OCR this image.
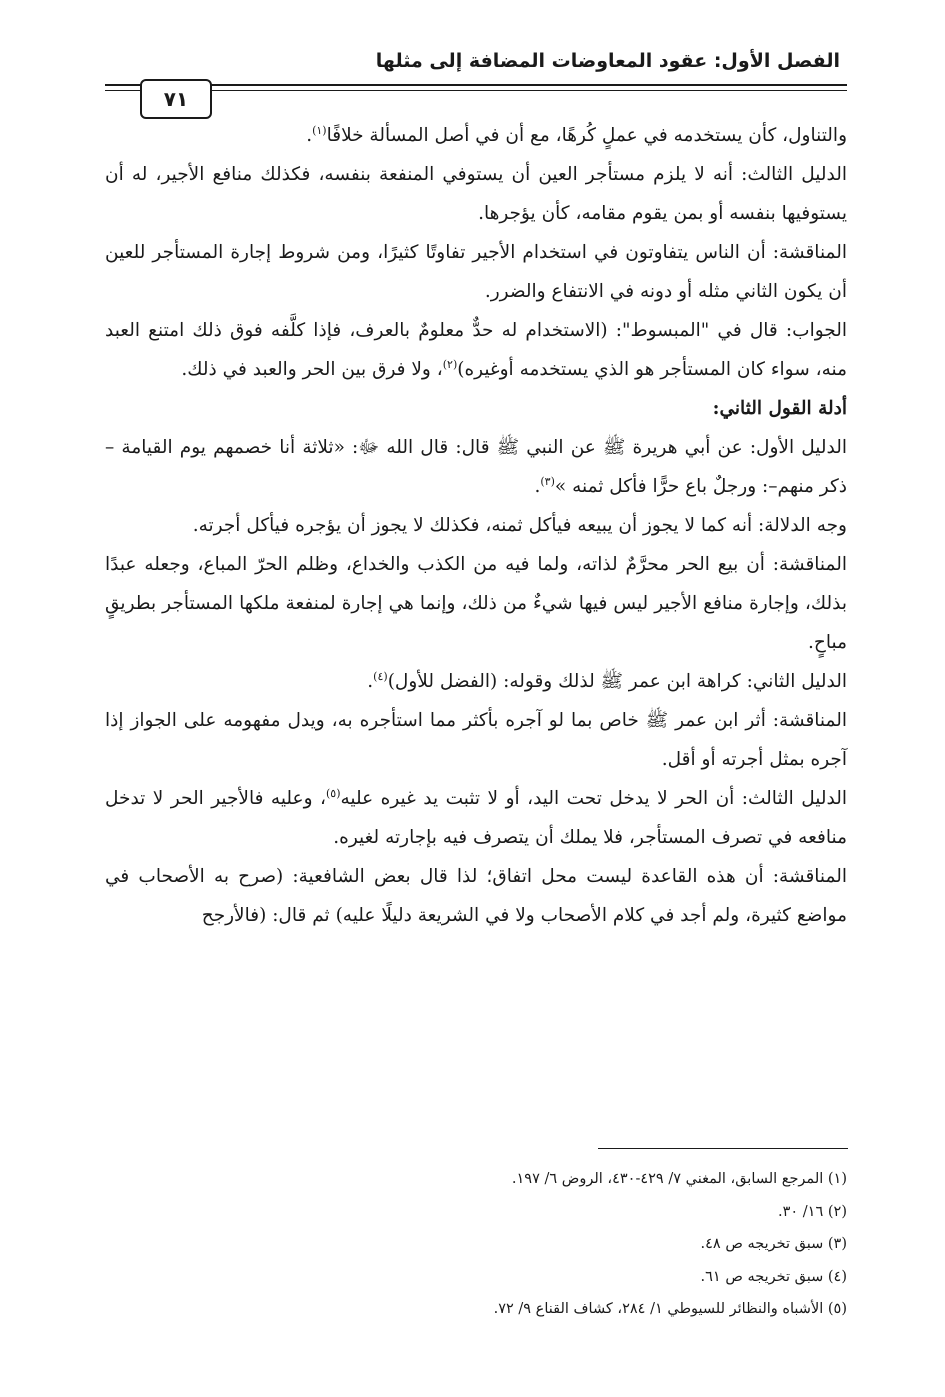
الفصل الأول: عقود المعاوضات المضافة إلى مثلها
٧١

والتناول، كأن يستخدمه في عملٍ كُرهًا، مع أن في أصل المسألة خلافًا$^{(١)}$.

الدليل الثالث: أنه لا يلزم مستأجر العين أن يستوفي المنفعة بنفسه، فكذلك منافع الأجير، له أن يستوفيها بنفسه أو بمن يقوم مقامه، كأن يؤجرها.

المناقشة: أن الناس يتفاوتون في استخدام الأجير تفاوتًا كثيرًا، ومن شروط إجارة المستأجر للعين أن يكون الثاني مثله أو دونه في الانتفاع والضرر.

الجواب: قال في "المبسوط": (الاستخدام له حدٌّ معلومٌ بالعرف، فإذا كلَّفه فوق ذلك امتنع العبد منه، سواء كان المستأجر هو الذي يستخدمه أوغيره)$^{(٢)}$، ولا فرق بين الحر والعبد في ذلك.

أدلة القول الثاني:

الدليل الأول: عن أبي هريرة ﷺ عن النبي ﷺ قال: قال الله ﷻ: «ثلاثة أنا خصمهم يوم القيامة –ذكر منهم–: ورجلٌ باع حرًّا فأكل ثمنه »$^{(٣)}$.

وجه الدلالة: أنه كما لا يجوز أن يبيعه فيأكل ثمنه، فكذلك لا يجوز أن يؤجره فيأكل أجرته.

المناقشة: أن بيع الحر محرَّمٌ لذاته، ولما فيه من الكذب والخداع، وظلم الحرّ المباع، وجعله عبدًا بذلك، وإجارة منافع الأجير ليس فيها شيءٌ من ذلك، وإنما هي إجارة لمنفعة ملكها المستأجر بطريقٍ مباحٍ.

الدليل الثاني: كراهة ابن عمر ﷺ لذلك وقوله: (الفضل للأول)$^{(٤)}$.

المناقشة: أثر ابن عمر ﷺ خاص بما لو آجره بأكثر مما استأجره به، ويدل مفهومه على الجواز إذا آجره بمثل أجرته أو أقل.

الدليل الثالث: أن الحر لا يدخل تحت اليد، أو لا تثبت يد غيره عليه$^{(٥)}$، وعليه فالأجير الحر لا تدخل منافعه في تصرف المستأجر، فلا يملك أن يتصرف فيه بإجارته لغيره.

المناقشة: أن هذه القاعدة ليست محل اتفاق؛ لذا قال بعض الشافعية: (صرح به الأصحاب في مواضع كثيرة، ولم أجد في كلام الأصحاب ولا في الشريعة دليلًا عليه) ثم قال: (فالأرجح

(١) المرجع السابق، المغني ٧/ ٤٢٩-٤٣٠، الروض ٦/ ١٩٧.

(٢) ١٦/ ٣٠.

(٣) سبق تخريجه ص ٤٨.

(٤) سبق تخريجه ص ٦١.

(٥) الأشباه والنظائر للسيوطي ١/ ٢٨٤، كشاف القناع ٩/ ٧٢.
